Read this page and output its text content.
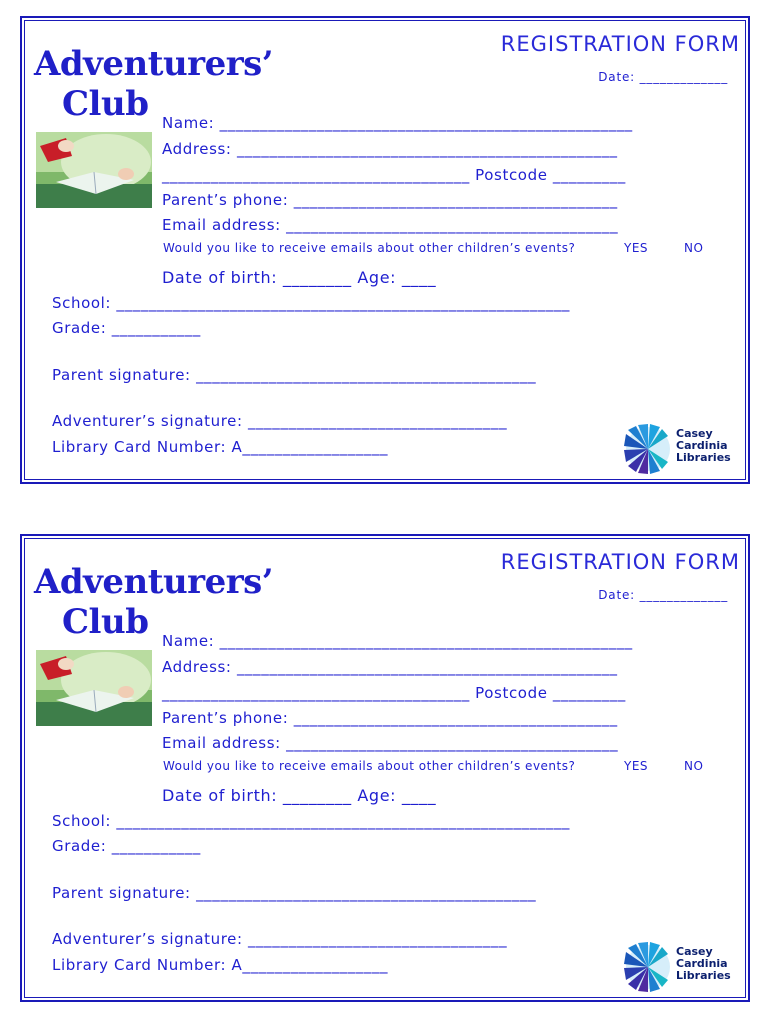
Adventurers’
Club
REGISTRATION FORM
Date: _____________
Name: ___________________________________________________
Address: _______________________________________________
______________________________________ Postcode _________
Parent’s phone: ________________________________________
Email address: _________________________________________
Would you like to receive emails about other children’s events?	YES	NO
Date of birth: ________ Age: ____
School: ________________________________________________________
Grade: ___________
Parent signature: __________________________________________
Adventurer’s signature: ________________________________
Library Card Number: A__________________
Casey
Cardinia
Libraries
Adventurers’
Club
REGISTRATION FORM
Date: _____________
Name: ___________________________________________________
Address: _______________________________________________
______________________________________ Postcode _________
Parent’s phone: ________________________________________
Email address: _________________________________________
Would you like to receive emails about other children’s events?	YES	NO
Date of birth: ________ Age: ____
School: ________________________________________________________
Grade: ___________
Parent signature: __________________________________________
Adventurer’s signature: ________________________________
Library Card Number: A__________________
Casey
Cardinia
Libraries
